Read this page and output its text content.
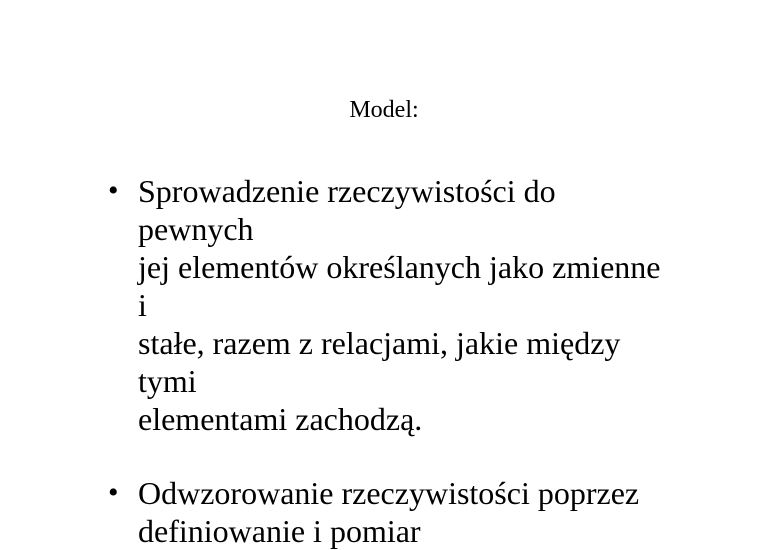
Model:
• Sprowadzenie rzeczywistości do pewnych
jej elementów określanych jako zmienne i
stałe, razem z relacjami, jakie między tymi
elementami zachodzą.
• Odwzorowanie rzeczywistości poprzez
definiowanie i pomiar
